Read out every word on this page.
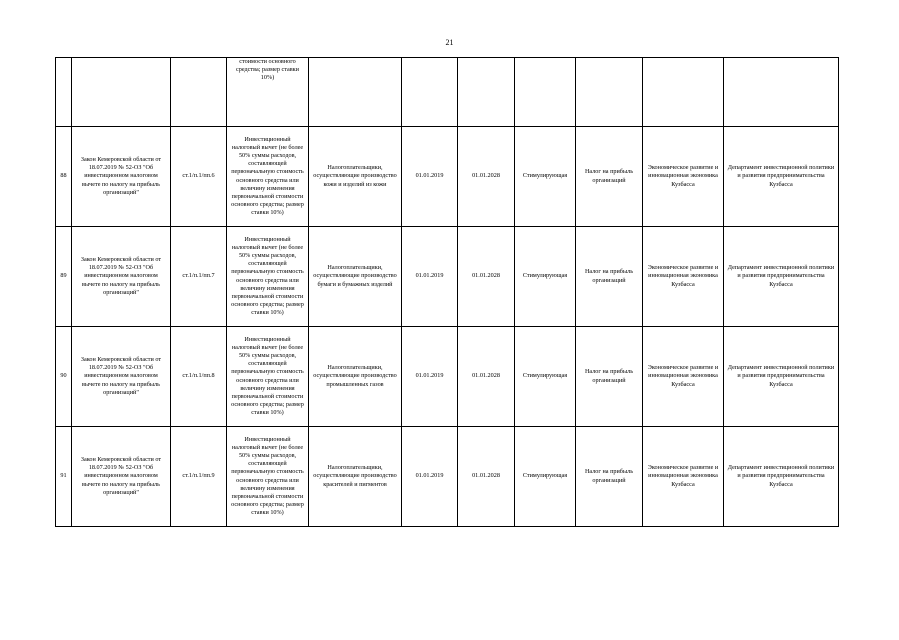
21
			стоимости основного средства; размер ставки 10%)							
88	Закон Кемеровской области от 18.07.2019 № 52-ОЗ "Об инвестиционном налоговом вычете по налогу на прибыль организаций"	ст.1/п.1/пп.6	Инвестиционный налоговый вычет (не более 50% суммы расходов, составляющей первоначальную стоимость основного средства или величину изменения первоначальной стоимости основного средства; размер ставки 10%)	Налогоплательщики, осуществляющие производство кожи и изделий из кожи	01.01.2019	01.01.2028	Стимулирующая	Налог на прибыль организаций	Экономическое развитие и инновационная экономика Кузбасса	Департамент инвестиционной политики и развития предпринимательства Кузбасса
89	Закон Кемеровской области от 18.07.2019 № 52-ОЗ "Об инвестиционном налоговом вычете по налогу на прибыль организаций"	ст.1/п.1/пп.7	Инвестиционный налоговый вычет (не более 50% суммы расходов, составляющей первоначальную стоимость основного средства или величину изменения первоначальной стоимости основного средства; размер ставки 10%)	Налогоплательщики, осуществляющие производство бумаги и бумажных изделий	01.01.2019	01.01.2028	Стимулирующая	Налог на прибыль организаций	Экономическое развитие и инновационная экономика Кузбасса	Департамент инвестиционной политики и развития предпринимательства Кузбасса
90	Закон Кемеровской области от 18.07.2019 № 52-ОЗ "Об инвестиционном налоговом вычете по налогу на прибыль организаций"	ст.1/п.1/пп.8	Инвестиционный налоговый вычет (не более 50% суммы расходов, составляющей первоначальную стоимость основного средства или величину изменения первоначальной стоимости основного средства; размер ставки 10%)	Налогоплательщики, осуществляющие производство промышленных газов	01.01.2019	01.01.2028	Стимулирующая	Налог на прибыль организаций	Экономическое развитие и инновационная экономика Кузбасса	Департамент инвестиционной политики и развития предпринимательства Кузбасса
91	Закон Кемеровской области от 18.07.2019 № 52-ОЗ "Об инвестиционном налоговом вычете по налогу на прибыль организаций"	ст.1/п.1/пп.9	Инвестиционный налоговый вычет (не более 50% суммы расходов, составляющей первоначальную стоимость основного средства или величину изменения первоначальной стоимости основного средства; размер ставки 10%)	Налогоплательщики, осуществляющие производство красителей и пигментов	01.01.2019	01.01.2028	Стимулирующая	Налог на прибыль организаций	Экономическое развитие и инновационная экономика Кузбасса	Департамент инвестиционной политики и развития предпринимательства Кузбасса
